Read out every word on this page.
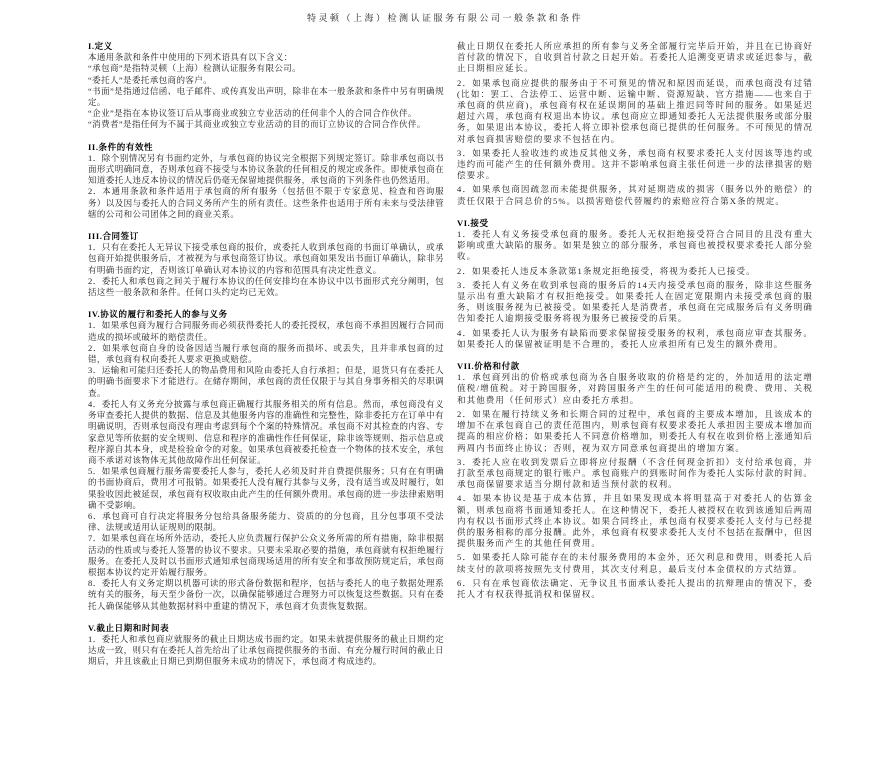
特灵顿（上海）检测认证服务有限公司一般条款和条件
I.定义

本通用条款和条件中使用的下列术语具有以下含义：

“承包商”是指特灵顿（上海）检测认证服务有限公司。

“委托人”是委托承包商的客户。

“书面”是指通过信函、电子邮件、或传真发出声明，除非在本一般条款和条件中另有明确规定。

“企业”是指在本协议签订后从事商业或独立专业活动的任何非个人的合同合作伙伴。

“消费者”是指任何为不属于其商业或独立专业活动的目的而订立协议的合同合作伙伴。

II.条件的有效性

1．除个别情况另有书面约定外，与承包商的协议完全根据下列规定签订。除非承包商以书面形式明确同意，否则承包商不接受与本协议条款的任何相反的规定或条件。即使承包商在知道委托人违反本协议的情况后仍毫无保留地提供服务，承包商的下列条件也仍然适用。

2．本通用条款和条件适用于承包商的所有服务（包括但不限于专家意见、检查和咨询服务）以及因与委托人的合同义务所产生的所有责任。这些条件也适用于所有未来与受法律管辖的公司和公司团体之间的商业关系。

III.合同签订

1．只有在委托人无异议下接受承包商的报价，或委托人收到承包商的书面订单确认，或承包商开始提供服务后，才被视为与承包商签订协议。承包商如果发出书面订单确认，除非另有明确书面约定，否则该订单确认对本协议的内容和范围具有决定性意义。

2．委托人和承包商之间关于履行本协议的任何安排均在本协议中以书面形式充分阐明，包括这些一般条款和条件。任何口头约定均已无效。

IV.协议的履行和委托人的参与义务

1．如果承包商为履行合同服务而必须获得委托人的委托授权，承包商不承担因履行合同而造成的损坏或破坏的赔偿责任。

2．如果承包商自身的设备因适当履行承包商的服务而损坏、或丢失，且并非承包商的过错，承包商有权向委托人要求更换或赔偿。

3．运输和可能归还委托人的物品费用和风险由委托人自行承担；但是，退货只有在委托人的明确书面要求下才能进行。在储存期间，承包商的责任仅限于与其自身事务相关的尽职调查。

4．委托人有义务充分披露与承包商正确履行其服务相关的所有信息。然而，承包商没有义务审查委托人提供的数据、信息及其他服务内容的准确性和完整性，除非委托方在订单中有明确说明，否则承包商没有理由考虑到每个个案的特殊情况。承包商不对其检查的内容、专家意见等所依据的安全规则、信息和程序的准确性作任何保证，除非该等规则、指示信息或程序源自其本身，或是检验命令的对象。如果承包商被委托检查一个物体的技术安全，承包商不承诺对该物体无其他故障作出任何保证。

5．如果承包商履行服务需要委托人参与，委托人必须及时并自费提供服务；只有在有明确的书面协商后，费用才可报销。如果委托人没有履行其参与义务，没有适当或及时履行，如果验收因此被延误，承包商有权收取由此产生的任何额外费用。承包商的进一步法律索赔明确不受影响。

6．承包商可自行决定将服务分包给具备服务能力、资质的的分包商，且分包事项不受法律、法规或适用认证规则的限制。

7．如果承包商在场所外活动，委托人应负责履行保护公众义务所需的所有措施，除非根据活动的性质或与委托人签署的协议不要求。只要未采取必要的措施，承包商就有权拒绝履行服务。在委托人及时以书面形式通知承包商现场适用的所有安全和事故预防规定后，承包商根据本协议约定开始履行服务。

8．委托人有义务定期以机器可读的形式备份数据和程序，包括与委托人的电子数据处理系统有关的服务，每天至少备份一次，以确保能够通过合理努力可以恢复这些数据。只有在委托人确保能够从其他数据材料中重建的情况下，承包商才负责恢复数据。

V.截止日期和时间表

1．委托人和承包商应就服务的截止日期达成书面约定。如果未就提供服务的截止日期约定达成一致，则只有在委托人首先给出了让承包商提供服务的书面、有充分履行时间的截止日期后，并且该截止日期已到期但服务未成功的情况下，承包商才构成违约。

截止日期仅在委托人所应承担的所有参与义务全部履行完毕后开始，并且在已协商好首付款的情况下，自收到首付款之日起开始。若委托人追溯变更请求或延迟参与，截止日期相应延长。

2．如果承包商应提供的服务由于不可预见的情况和原因而延误，而承包商没有过错(比如：罢工、合法停工、运营中断、运输中断、资源短缺、官方措施——也来自于承包商的供应商)，承包商有权在延误期间的基础上推迟同等时间的服务。如果延迟超过六周，承包商有权退出本协议。承包商应立即通知委托人无法提供服务或部分服务，如果退出本协议，委托人将立即补偿承包商已提供的任何服务。不可预见的情况对承包商损害赔偿的要求不包括在内。

3．如果委托人验收违约或违反其他义务，承包商有权要求委托人支付因该等违约或违约而可能产生的任何额外费用。这并不影响承包商主张任何进一步的法律损害的赔偿要求。

4．如果承包商因疏忽而未能提供服务，其对延期造成的损害（服务以外的赔偿）的责任仅限于合同总价的5%。以损害赔偿代替履约的索赔应符合第X条的规定。

VI.接受

1．委托人有义务接受承包商的服务。委托人无权拒绝接受符合合同目的且没有重大影响或重大缺陷的服务。如果是独立的部分服务，承包商也被授权要求委托人部分验收。

2．如果委托人违反本条款第1条规定拒绝接受，将视为委托人已接受。

3．委托人有义务在收到承包商的服务后的14天内接受承包商的服务，除非这些服务显示出有重大缺陷才有权拒绝接受。如果委托人在固定宽限期内未接受承包商的服务，则该服务视为已被接受。如果委托人是消费者，承包商在完成服务后有义务明确告知委托人逾期接受服务将视为服务已被接受的后果。

4．如果委托人认为服务有缺陷而要求保留接受服务的权利，承包商应审查其服务。如果委托人的保留被证明是不合理的，委托人应承担所有已发生的额外费用。

VII.价格和付款

1．承包商列出的价格或承包商为各自服务收取的价格是约定的，外加适用的法定增值税/增值税。对于跨国服务，对跨国服务产生的任何可能适用的税费、费用、关税和其他费用（任何形式）应由委托方承担。

2．如果在履行持续义务和长期合同的过程中，承包商的主要成本增加，且该成本的增加不在承包商自己的责任范围内，则承包商有权要求委托人承担因主要成本增加而提高的相应价格；如果委托人不同意价格增加，则委托人有权在收到价格上涨通知后两周内书面终止协议；否则，视为双方同意承包商提出的增加方案。

3．委托人应在收到发票后立即将应付报酬（不含任何现金折扣）支付给承包商，并打款至承包商规定的银行账户。承包商账户的到账时间作为委托人实际付款的时间。承包商保留要求适当分期付款和适当预付款的权利。

4．如果本协议是基于成本估算，并且如果发现成本将明显高于对委托人的估算金额，则承包商将书面通知委托人。在这种情况下，委托人被授权在收到该通知后两周内有权以书面形式终止本协议。如果合同终止，承包商有权要求委托人支付与已经提供的服务相称的部分报酬。此外，承包商有权要求委托人支付不包括在报酬中，但因提供服务而产生的其他任何费用。

5．如果委托人除可能存在的未付服务费用的本金外，还欠利息和费用，则委托人后续支付的款项将按照先支付费用，其次支付利息，最后支付本金债权的方式结算。

6．只有在承包商依法确定、无争议且书面承认委托人提出的抗辩理由的情况下，委托人才有权获得抵消权和保留权。
